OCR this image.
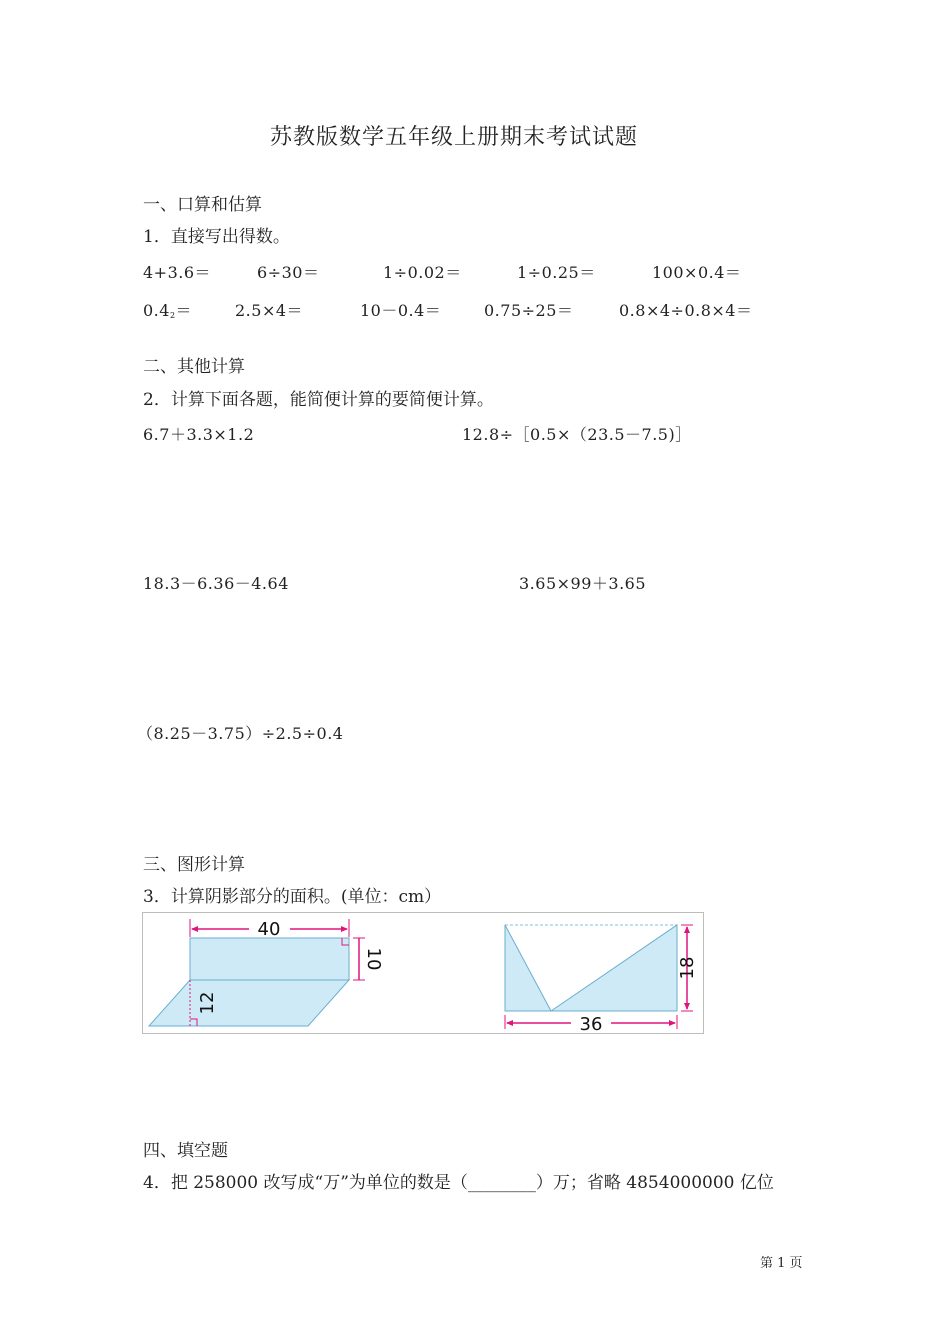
苏教版数学五年级上册期末考试试题
一、口算和估算
1．直接写出得数。
4+3.6＝	6÷30＝	1÷0.02＝	1÷0.25＝	100×0.4＝
0.42＝	2.5×4＝	10－0.4＝	0.75÷25＝	0.8×4÷0.8×4＝
二、其他计算
2．计算下面各题，能简便计算的要简便计算。
6.7＋3.3×1.2	12.8÷［0.5×（23.5－7.5)］
18.3－6.36－4.64	3.65×99＋3.65
（8.25－3.75）÷2.5÷0.4
三、图形计算
3．计算阴影部分的面积。(单位：cm）
40
10
12
18
36
四、填空题
4．把 258000 改写成“万”为单位的数是（________）万；省略 4854000000 亿位
第 1 页
